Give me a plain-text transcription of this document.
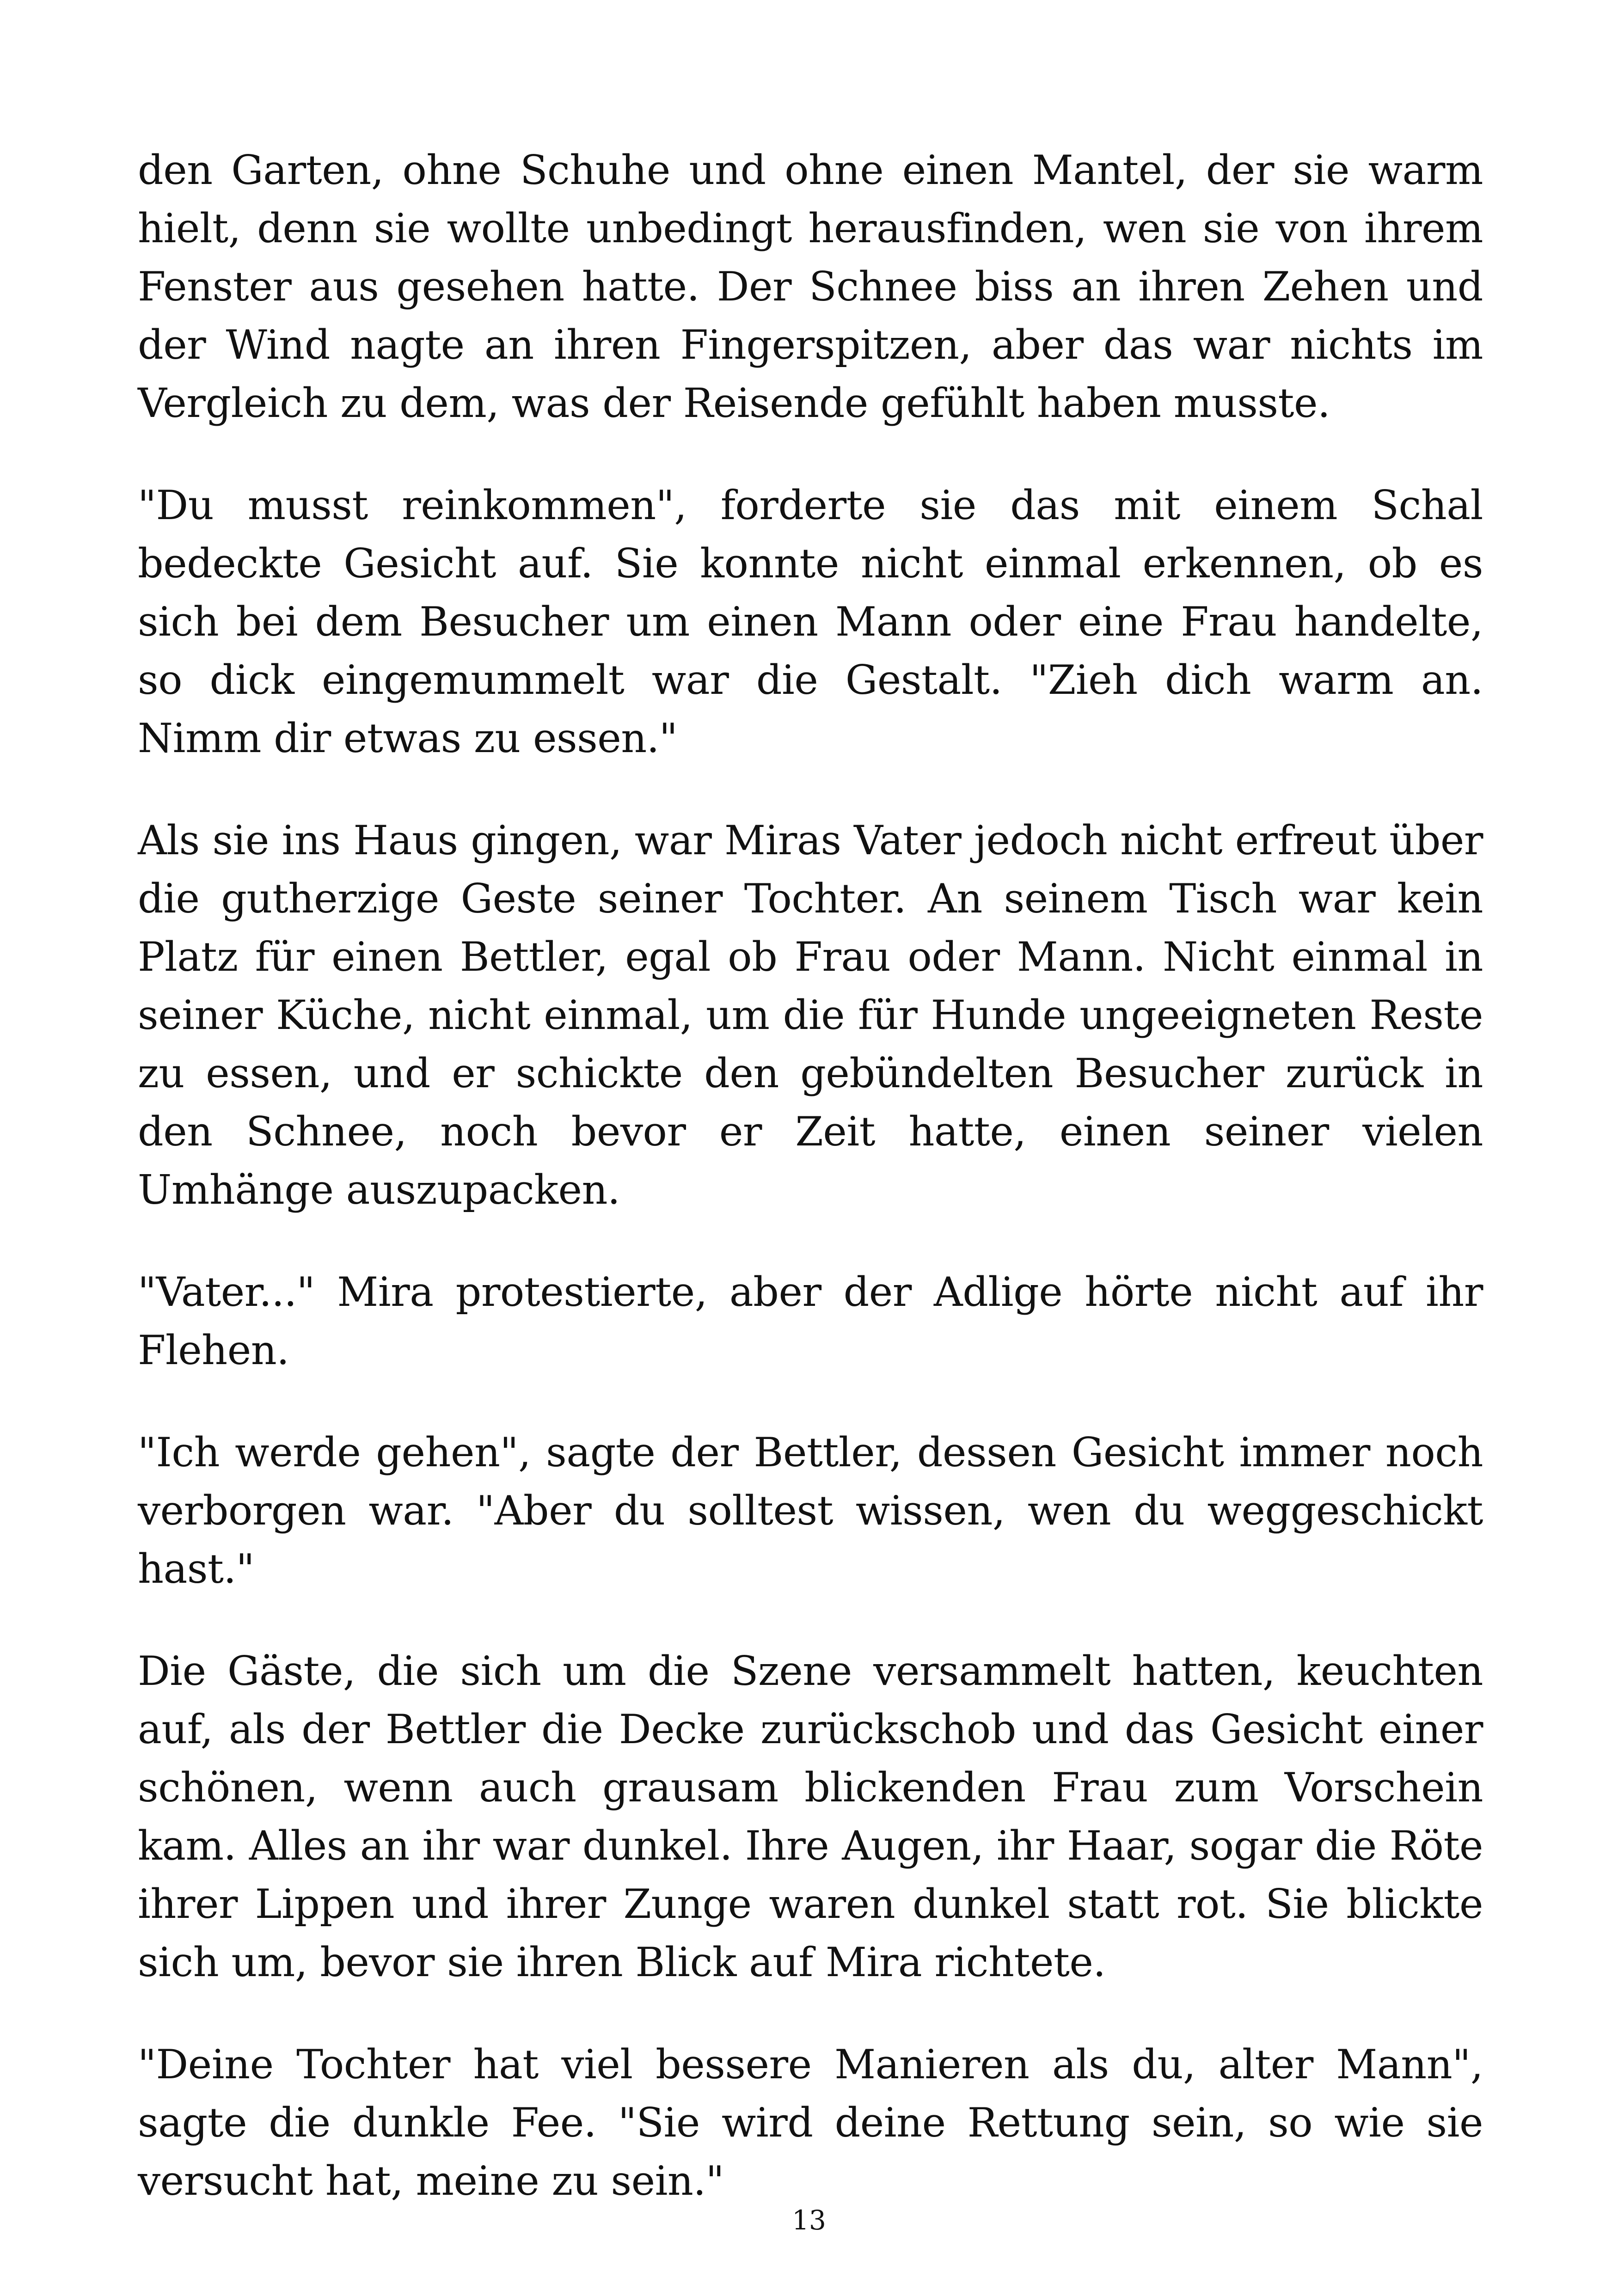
den Garten, ohne Schuhe und ohne einen Mantel, der sie warm hielt, denn sie wollte unbedingt herausfinden, wen sie von ihrem Fenster aus gesehen hatte. Der Schnee biss an ihren Zehen und der Wind nagte an ihren Fingerspitzen, aber das war nichts im Vergleich zu dem, was der Reisende gefühlt haben musste.

"Du musst reinkommen", forderte sie das mit einem Schal bedeckte Gesicht auf. Sie konnte nicht einmal erkennen, ob es sich bei dem Besucher um einen Mann oder eine Frau handelte, so dick eingemummelt war die Gestalt. "Zieh dich warm an. Nimm dir etwas zu essen."

Als sie ins Haus gingen, war Miras Vater jedoch nicht erfreut über die gutherzige Geste seiner Tochter. An seinem Tisch war kein Platz für einen Bettler, egal ob Frau oder Mann. Nicht einmal in seiner Küche, nicht einmal, um die für Hunde ungeeigneten Reste zu essen, und er schickte den gebündelten Besucher zurück in den Schnee, noch bevor er Zeit hatte, einen seiner vielen Umhänge auszupacken.

"Vater..." Mira protestierte, aber der Adlige hörte nicht auf ihr Flehen.

"Ich werde gehen", sagte der Bettler, dessen Gesicht immer noch verborgen war. "Aber du solltest wissen, wen du weggeschickt hast."

Die Gäste, die sich um die Szene versammelt hatten, keuchten auf, als der Bettler die Decke zurückschob und das Gesicht einer schönen, wenn auch grausam blickenden Frau zum Vorschein kam. Alles an ihr war dunkel. Ihre Augen, ihr Haar, sogar die Röte ihrer Lippen und ihrer Zunge waren dunkel statt rot. Sie blickte sich um, bevor sie ihren Blick auf Mira richtete.

"Deine Tochter hat viel bessere Manieren als du, alter Mann", sagte die dunkle Fee. "Sie wird deine Rettung sein, so wie sie versucht hat, meine zu sein."

13
